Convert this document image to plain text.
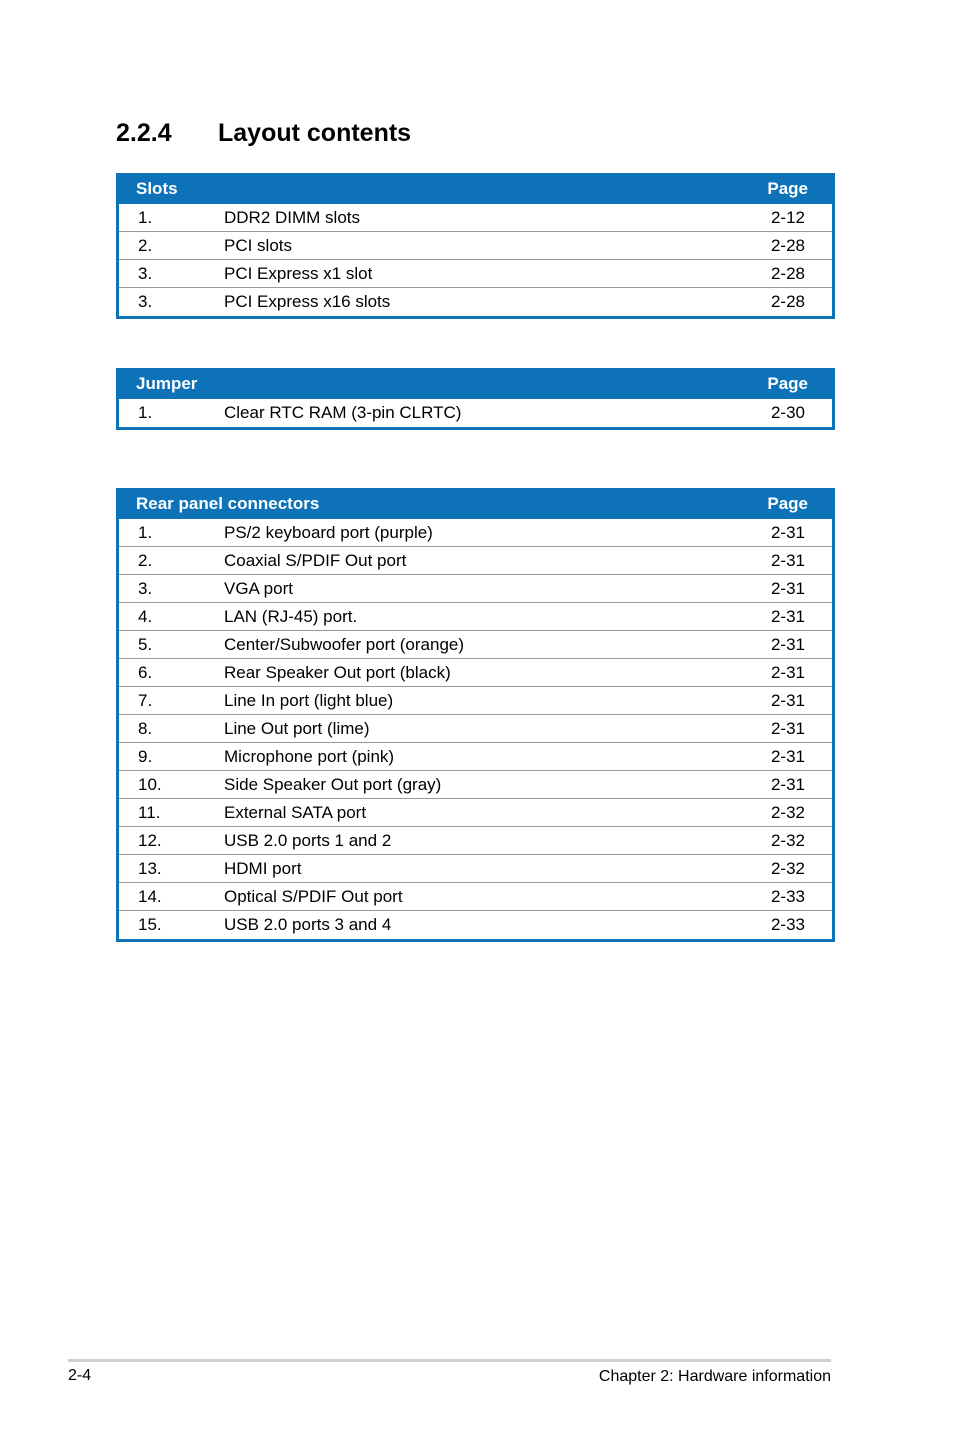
2.2.4 Layout contents
Slots	Page
1.	DDR2 DIMM slots	2-12
2.	PCI slots	2-28
3.	PCI Express x1 slot	2-28
3.	PCI Express x16 slots	2-28
Jumper	Page
1.	Clear RTC RAM (3-pin CLRTC)	2-30
Rear panel connectors	Page
1.	PS/2 keyboard port (purple)	2-31
2.	Coaxial S/PDIF Out port	2-31
3.	VGA port	2-31
4.	LAN (RJ-45) port.	2-31
5.	Center/Subwoofer port (orange)	2-31
6.	Rear Speaker Out port (black)	2-31
7.	Line In port (light blue)	2-31
8.	Line Out port (lime)	2-31
9.	Microphone port (pink)	2-31
10.	Side Speaker Out port (gray)	2-31
11.	External SATA port	2-32
12.	USB 2.0 ports 1 and 2	2-32
13.	HDMI port	2-32
14.	Optical S/PDIF Out port	2-33
15.	USB 2.0 ports 3 and 4	2-33
2-4	Chapter 2: Hardware information
